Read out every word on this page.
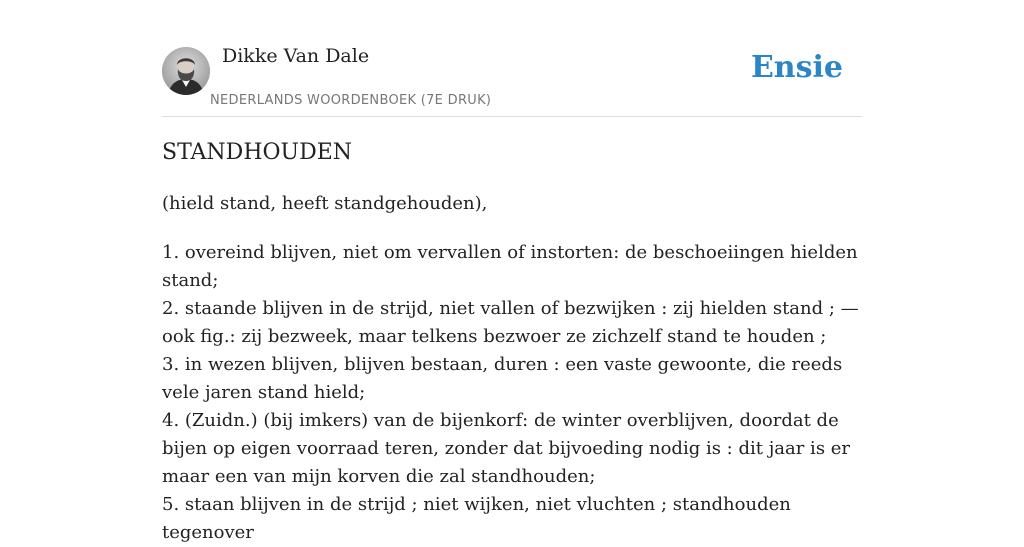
Dikke Van Dale
NEDERLANDS WOORDENBOEK (7E DRUK)
Ensie
STANDHOUDEN

(hield stand, heeft standgehouden),

1. overeind blijven, niet om vervallen of instorten: de beschoeiingen hielden stand;
2. staande blijven in de strijd, niet vallen of bezwijken : zij hielden stand ; — ook fig.: zij bezweek, maar telkens bezwoer ze zichzelf stand te houden ;
3. in wezen blijven, blijven bestaan, duren : een vaste gewoonte, die reeds vele jaren stand hield;
4. (Zuidn.) (bij imkers) van de bijenkorf: de winter overblijven, doordat de bijen op eigen voorraad teren, zonder dat bijvoeding nodig is : dit jaar is er maar een van mijn korven die zal standhouden;
5. staan blijven in de strijd ; niet wijken, niet vluchten ; standhouden tegenover
